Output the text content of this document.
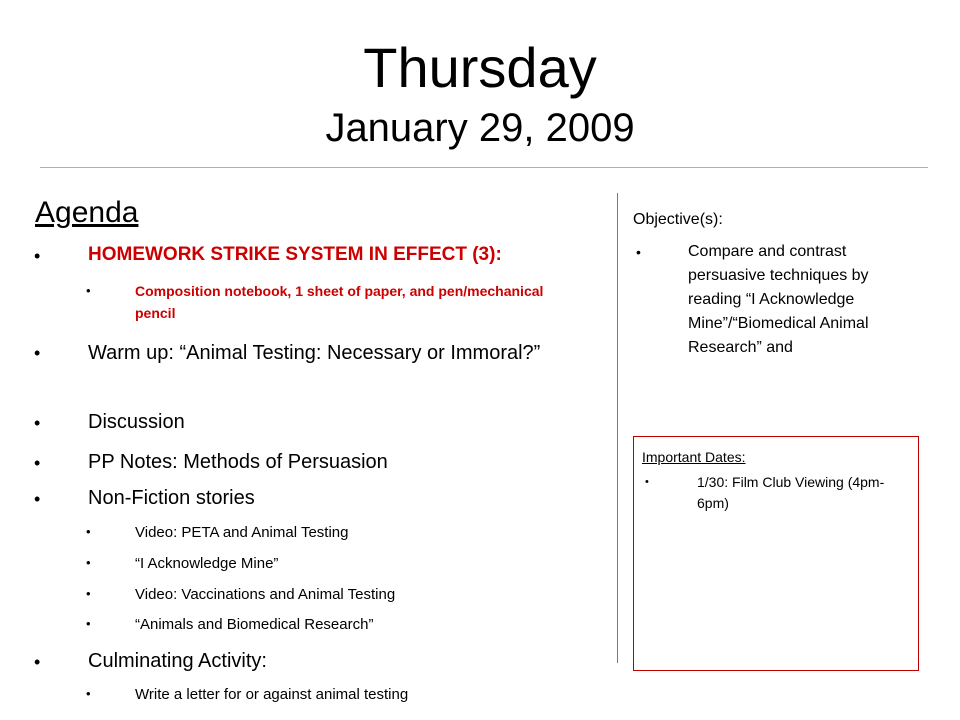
Thursday
January 29, 2009
Agenda
•	HOMEWORK STRIKE SYSTEM IN EFFECT (3):
•	Composition notebook, 1 sheet of paper, and pen/mechanical pencil
• Warm up: “Animal Testing: Necessary or Immoral?”
• Discussion
• PP Notes: Methods of Persuasion
• Non-Fiction stories
•	Video: PETA and Animal Testing
•	“I Acknowledge Mine”
•	Video: Vaccinations and Animal Testing
•	“Animals and Biomedical Research”
• Culminating Activity:
•	Write a letter for or against animal testing
Objective(s):
•	Compare and contrast persuasive techniques by reading “I Acknowledge Mine”/“Biomedical Animal Research” and
Important Dates:
•	1/30: Film Club Viewing (4pm-6pm)
